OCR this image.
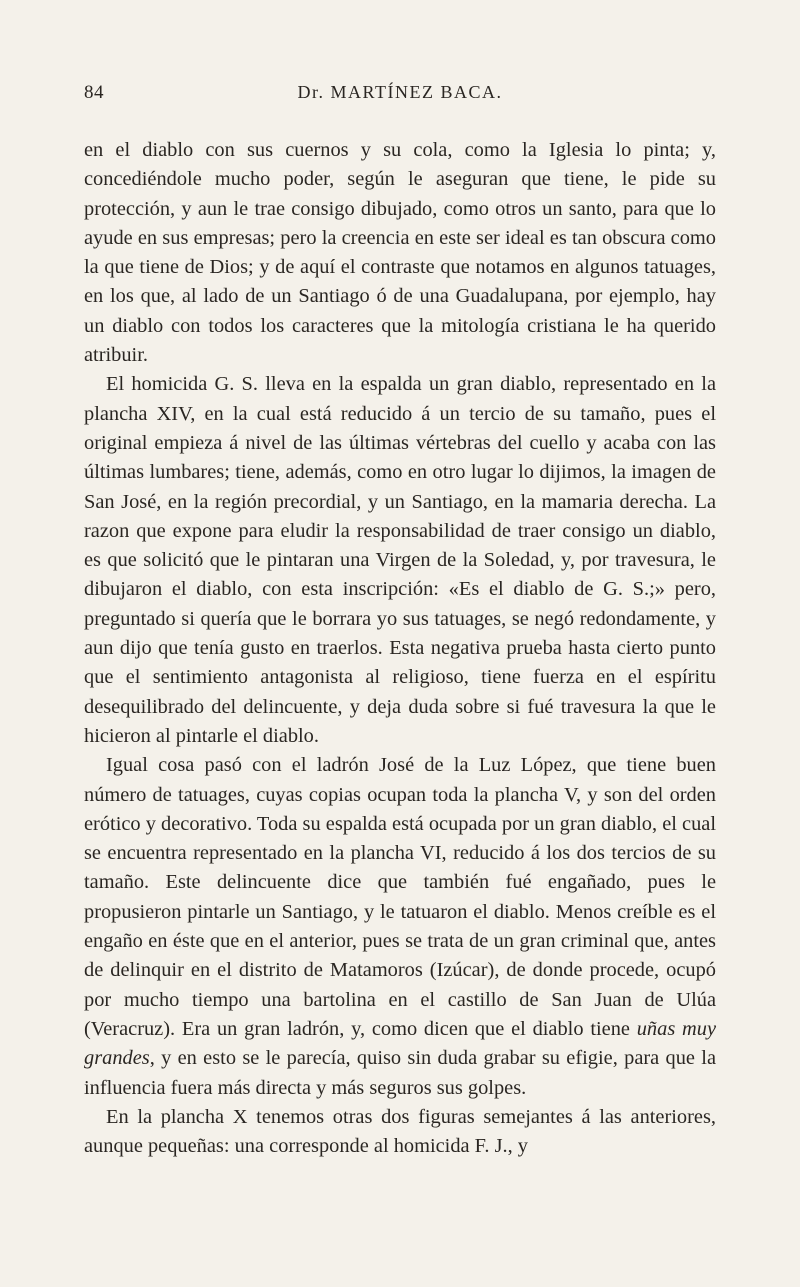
84	Dr. MARTÍNEZ BACA.

en el diablo con sus cuernos y su cola, como la Iglesia lo pinta; y, concediéndole mucho poder, según le aseguran que tiene, le pide su protección, y aun le trae consigo dibujado, como otros un santo, para que lo ayude en sus empresas; pero la creencia en este ser ideal es tan obscura como la que tiene de Dios; y de aquí el contraste que notamos en algunos tatuages, en los que, al lado de un Santiago ó de una Guadalupana, por ejemplo, hay un diablo con todos los caracteres que la mitología cristiana le ha querido atribuir.

El homicida G. S. lleva en la espalda un gran diablo, representado en la plancha XIV, en la cual está reducido á un tercio de su tamaño, pues el original empieza á nivel de las últimas vértebras del cuello y acaba con las últimas lumbares; tiene, además, como en otro lugar lo dijimos, la imagen de San José, en la región precordial, y un Santiago, en la mamaria derecha. La razon que expone para eludir la responsabilidad de traer consigo un diablo, es que solicitó que le pintaran una Virgen de la Soledad, y, por travesura, le dibujaron el diablo, con esta inscripción: «Es el diablo de G. S.;» pero, preguntado si quería que le borrara yo sus tatuages, se negó redondamente, y aun dijo que tenía gusto en traerlos. Esta negativa prueba hasta cierto punto que el sentimiento antagonista al religioso, tiene fuerza en el espíritu desequilibrado del delincuente, y deja duda sobre si fué travesura la que le hicieron al pintarle el diablo.

Igual cosa pasó con el ladrón José de la Luz López, que tiene buen número de tatuages, cuyas copias ocupan toda la plancha V, y son del orden erótico y decorativo. Toda su espalda está ocupada por un gran diablo, el cual se encuentra representado en la plancha VI, reducido á los dos tercios de su tamaño. Este delincuente dice que también fué engañado, pues le propusieron pintarle un Santiago, y le tatuaron el diablo. Menos creíble es el engaño en éste que en el anterior, pues se trata de un gran criminal que, antes de delinquir en el distrito de Matamoros (Izúcar), de donde procede, ocupó por mucho tiempo una bartolina en el castillo de San Juan de Ulúa (Veracruz). Era un gran ladrón, y, como dicen que el diablo tiene uñas muy grandes, y en esto se le parecía, quiso sin duda grabar su efigie, para que la influencia fuera más directa y más seguros sus golpes.

En la plancha X tenemos otras dos figuras semejantes á las anteriores, aunque pequeñas: una corresponde al homicida F. J., y
